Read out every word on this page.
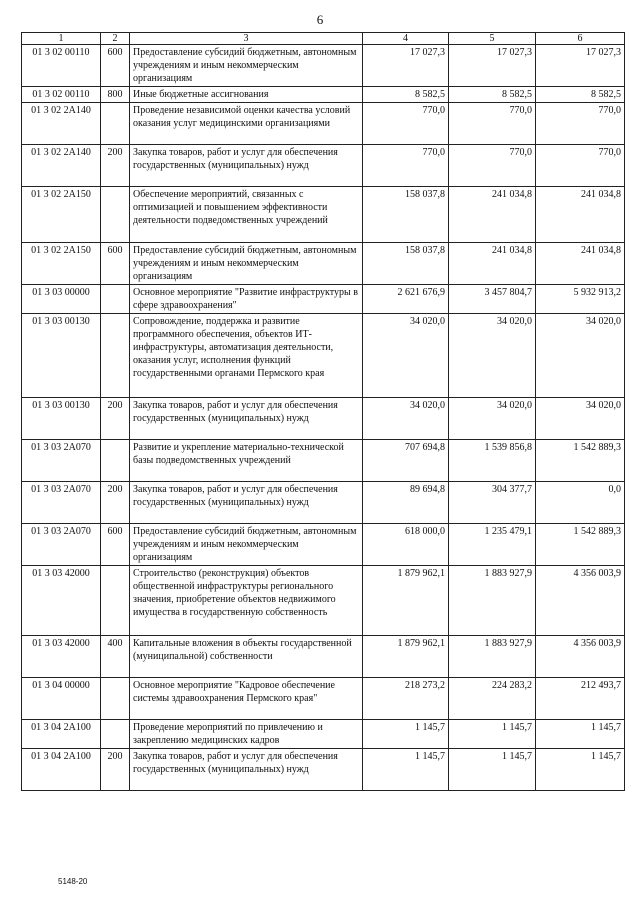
6
1	2	3	4	5	6
01 3 02 00110	600	Предоставление субсидий бюджетным, автономным учреждениям и иным некоммерческим организациям	17 027,3	17 027,3	17 027,3
01 3 02 00110	800	Иные бюджетные ассигнования	8 582,5	8 582,5	8 582,5
01 3 02 2А140		Проведение независимой оценки качества условий оказания услуг медицинскими организациями	770,0	770,0	770,0
01 3 02 2А140	200	Закупка товаров, работ и услуг для обеспечения государственных (муниципальных) нужд	770,0	770,0	770,0
01 3 02 2А150		Обеспечение мероприятий, связанных с оптимизацией и повышением эффективности деятельности подведомственных учреждений	158 037,8	241 034,8	241 034,8
01 3 02 2А150	600	Предоставление субсидий бюджетным, автономным учреждениям и иным некоммерческим организациям	158 037,8	241 034,8	241 034,8
01 3 03 00000		Основное мероприятие "Развитие инфраструктуры в сфере здравоохранения"	2 621 676,9	3 457 804,7	5 932 913,2
01 3 03 00130		Сопровождение, поддержка и развитие программного обеспечения, объектов ИТ-инфраструктуры, автоматизация деятельности, оказания услуг, исполнения функций государственными органами Пермского края	34 020,0	34 020,0	34 020,0
01 3 03 00130	200	Закупка товаров, работ и услуг для обеспечения государственных (муниципальных) нужд	34 020,0	34 020,0	34 020,0
01 3 03 2А070		Развитие и укрепление материально-технической базы подведомственных учреждений	707 694,8	1 539 856,8	1 542 889,3
01 3 03 2А070	200	Закупка товаров, работ и услуг для обеспечения государственных (муниципальных) нужд	89 694,8	304 377,7	0,0
01 3 03 2А070	600	Предоставление субсидий бюджетным, автономным учреждениям и иным некоммерческим организациям	618 000,0	1 235 479,1	1 542 889,3
01 3 03 42000		Строительство (реконструкция) объектов общественной инфраструктуры регионального значения, приобретение объектов недвижимого имущества в государственную собственность	1 879 962,1	1 883 927,9	4 356 003,9
01 3 03 42000	400	Капитальные вложения в объекты государственной (муниципальной) собственности	1 879 962,1	1 883 927,9	4 356 003,9
01 3 04 00000		Основное мероприятие "Кадровое обеспечение системы здравоохранения Пермского края"	218 273,2	224 283,2	212 493,7
01 3 04 2А100		Проведение мероприятий по привлечению и закреплению медицинских кадров	1 145,7	1 145,7	1 145,7
01 3 04 2А100	200	Закупка товаров, работ и услуг для обеспечения государственных (муниципальных) нужд	1 145,7	1 145,7	1 145,7
5148-20
